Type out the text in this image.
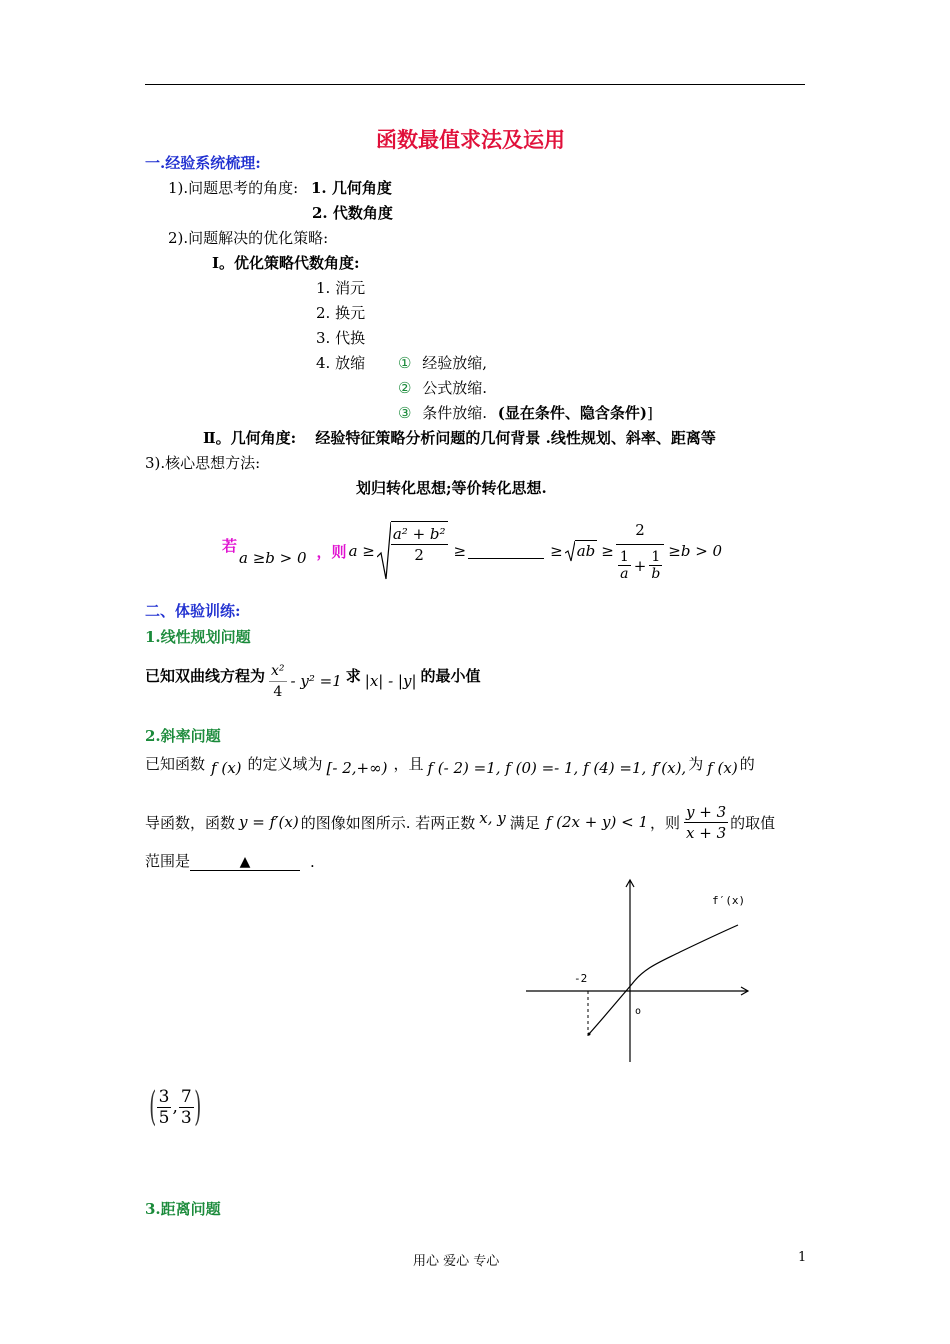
函数最值求法及运用
一.经验系统梳理:
1).问题思考的角度: 1. 几何角度
2. 代数角度
2).问题解决的优化策略:
Ⅰ。优化策略代数角度:
1. 消元
2. 换元
3. 代换
4. 放缩 ① 经验放缩,
② 公式放缩.
③ 条件放缩. (显在条件、隐含条件)]
Ⅱ。几何角度: 经验特征策略分析问题的几何背景 .线性规划、斜率、距离等
3).核心思想方法:
划归转化思想;等价转化思想.
若
a ≥b > 0 ，则 $a \ge \frac{\text{a² + b²}}{2}$ ≥	≥ ab ≥ $\frac{2}{\frac{1}{a} + \frac{1}{b}} \ge b > 0$
二、体验训练:
1.线性规划问题
已知双曲线方程为 $\frac{\text{x²}}{4} - y^2 =1$ 求 |x| - |y| 的最小值
2.斜率问题
已知函数 f (x) 的定义域为 [- 2,+∞) ，且 f (- 2) =1, f (0) =- 1, f (4) =1, f′(x), 为 f (x) 的
导函数，函数 y = f′(x) 的图像如图所示. 若两正数 x, y 满足 f (2x + y) < 1 ，则 $\frac{y + 3}{x + 3}$ 的取值
范围是	▲	.
f′(x)
-2
o
( $\frac{3}{5}$ , $\frac{7}{3}$ )
3.距离问题
用心 爱心 专心	1
